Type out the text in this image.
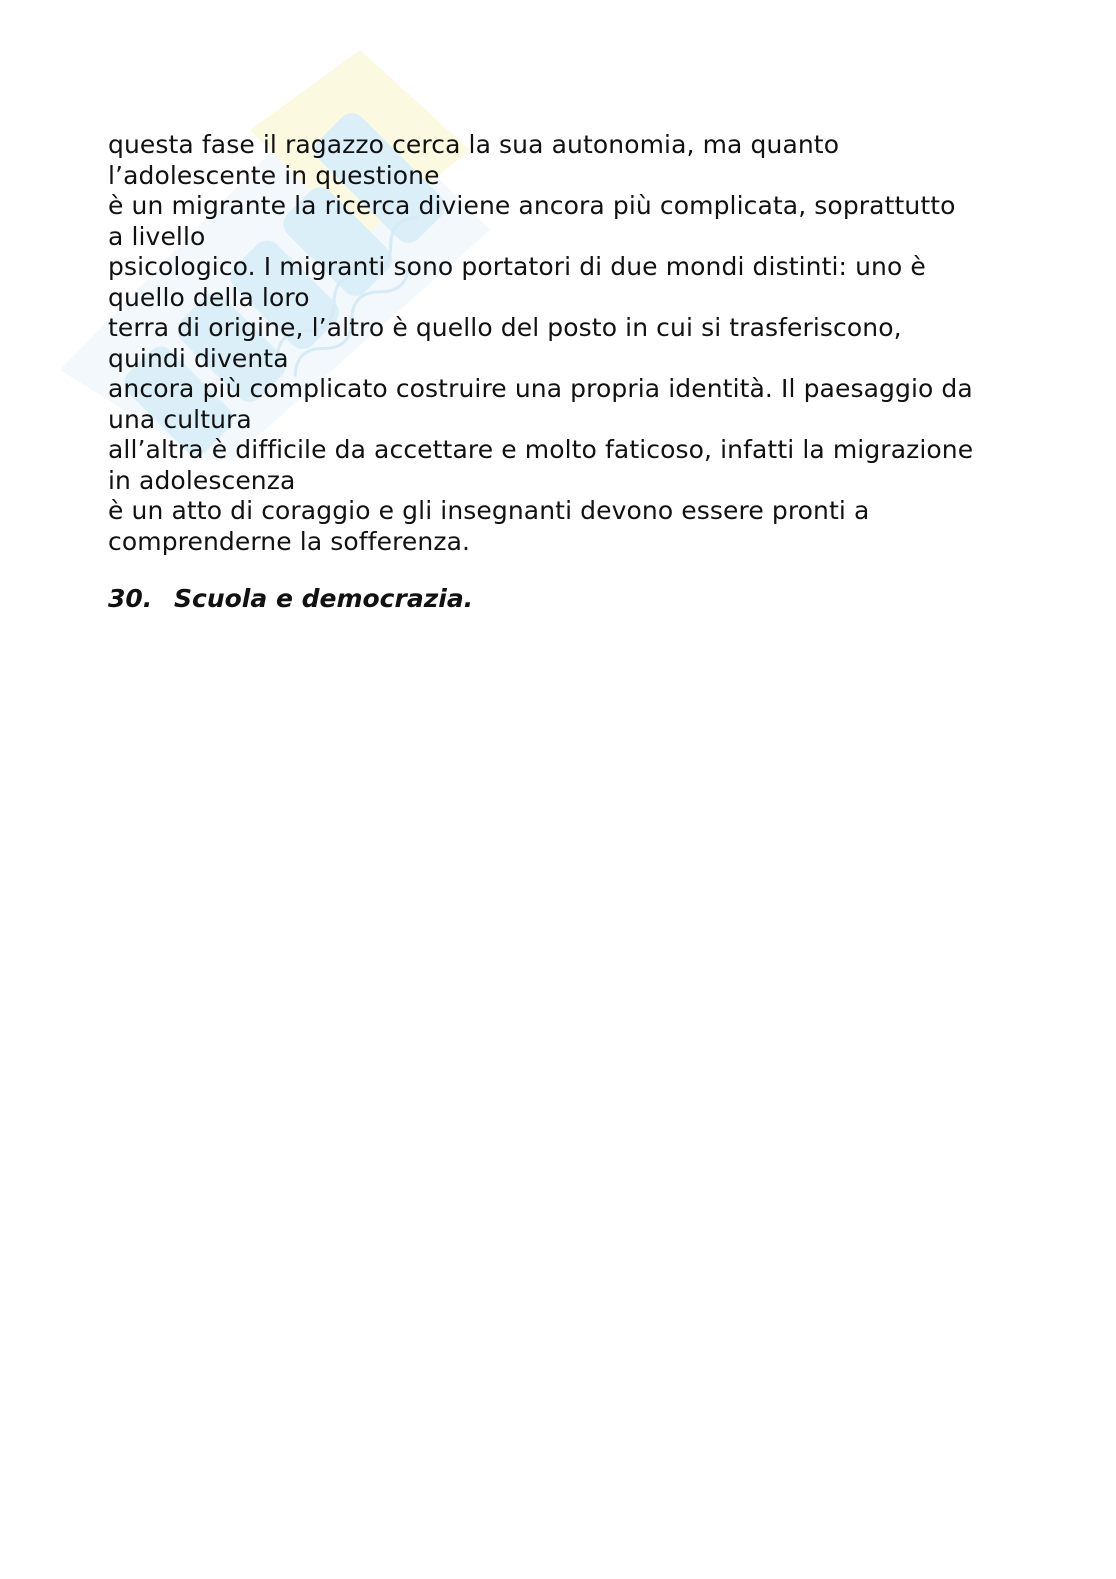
questa fase il ragazzo cerca la sua autonomia, ma quanto
l’adolescente in questione
è un migrante la ricerca diviene ancora più complicata, soprattutto
a livello
psicologico. I migranti sono portatori di due mondi distinti: uno è
quello della loro
terra di origine, l’altro è quello del posto in cui si trasferiscono,
quindi diventa
ancora più complicato costruire una propria identità. Il paesaggio da
una cultura
all’altra è difficile da accettare e molto faticoso, infatti la migrazione
in adolescenza
è un atto di coraggio e gli insegnanti devono essere pronti a
comprenderne la sofferenza.

30. Scuola e democrazia.
